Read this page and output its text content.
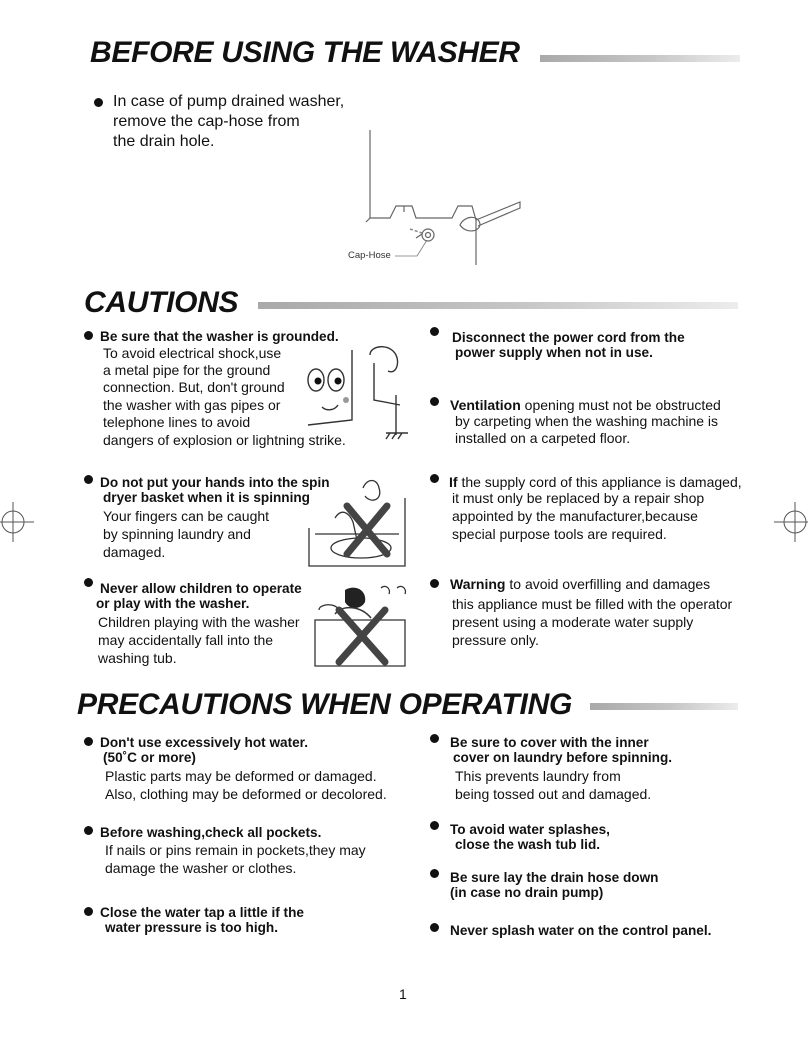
BEFORE USING THE WASHER
In case of pump drained washer,
remove the cap-hose from
the drain hole.
Cap-Hose
CAUTIONS
Be sure that the washer is grounded.
To avoid electrical shock,use
a metal pipe for the ground
connection. But, don't ground
the washer with gas pipes or
telephone lines to avoid
dangers of explosion or lightning strike.
Do not put your hands into the spin
dryer basket when it is spinning
Your fingers can be caught
by spinning laundry and
damaged.
Never allow children to operate
or play with the washer.
Children playing with the washer
may accidentally fall into the
washing tub.
Disconnect the power cord from the
power supply when not in use.
Ventilation opening must not be obstructed
by carpeting when the washing machine is
installed on a carpeted floor.
If the supply cord of this appliance is damaged,
it must only be replaced by a repair shop
appointed by the manufacturer,because
special purpose tools are required.
Warning to avoid overfilling and damages
this appliance must be filled with the operator
present using a moderate water supply
pressure only.
PRECAUTIONS WHEN OPERATING
Don't use excessively hot water.
(50˚C or more)
Plastic parts may be deformed or damaged.
Also, clothing may be deformed or decolored.
Before washing,check all pockets.
If nails or pins remain in pockets,they may
damage the washer or clothes.
Close the water tap a little if the
water pressure is too high.
Be sure to cover with the inner
cover on laundry before spinning.
This prevents laundry from
being tossed out and damaged.
To avoid water splashes,
close the wash tub lid.
Be sure lay the drain hose down
(in case no drain pump)
Never splash water on the control panel.
1
